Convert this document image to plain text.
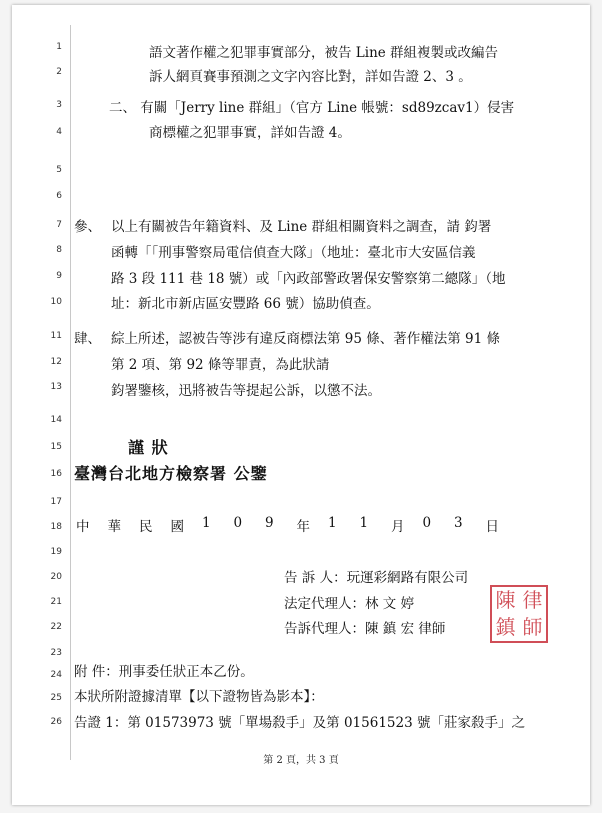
1
2
3
4
5
6
7
8
9
10
11
12
13
14
15
16
17
18
19
20
21
22
23
24
25
26
語文著作權之犯罪事實部分，被告 Line 群組複製或改編告
訴人網頁賽事預測之文字內容比對，詳如告證 2、3 。
二、 有關「Jerry line 群組」（官方 Line 帳號：sd89zcav1）侵害
商標權之犯罪事實，詳如告證 4。
參、 以上有關被告年籍資料、及 Line 群組相關資料之調查，請 鈞署
函轉「「刑事警察局電信偵查大隊」（地址：臺北市大安區信義
路 3 段 111 巷 18 號）或「內政部警政署保安警察第二總隊」（地
址：新北市新店區安豐路 66 號）協助偵查。
肆、 綜上所述，認被告等涉有違反商標法第 95 條、著作權法第 91 條
第 2 項、第 92 條等罪責，為此狀請
鈞署鑒核，迅將被告等提起公訴，以懲不法。
謹 狀
臺灣台北地方檢察署 公鑒
中 華 民 國 1 0 9 年 1 1 月 0 3 日
告 訴 人：玩運彩網路有限公司
法定代理人：林 文 婷
告訴代理人：陳 鎮 宏 律師
陳 律
鎮 師
附 件：刑事委任狀正本乙份。
本狀所附證據清單【以下證物皆為影本】：
告證 1：第 01573973 號「單場殺手」及第 01561523 號「莊家殺手」之
第 2 頁，共 3 頁
